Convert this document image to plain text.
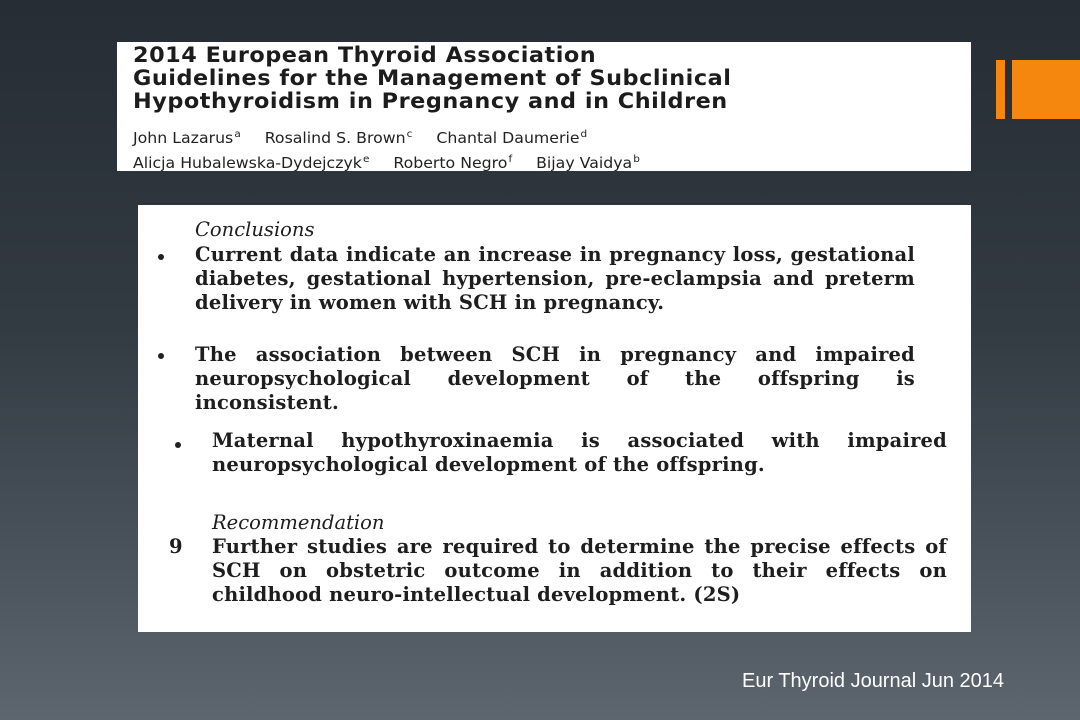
2014 European Thyroid Association
Guidelines for the Management of Subclinical
Hypothyroidism in Pregnancy and in Children
John Lazarus$^a$ Rosalind S. Brown$^c$ Chantal Daumerie$^d$
Alicja Hubalewska-Dydejczyk$^e$ Roberto Negro$^f$ Bijay Vaidya$^b$
Conclusions
Current data indicate an increase in pregnancy loss, gestational diabetes, gestational hypertension, pre-eclampsia and preterm delivery in women with SCH in pregnancy.
The association between SCH in pregnancy and impaired neuropsychological development of the offspring is inconsistent.
Maternal hypothyroxinaemia is associated with impaired neuropsychological development of the offspring.
Recommendation
9 Further studies are required to determine the precise effects of SCH on obstetric outcome in addition to their effects on childhood neuro-intellectual development. (2S)
Eur Thyroid Journal Jun 2014
